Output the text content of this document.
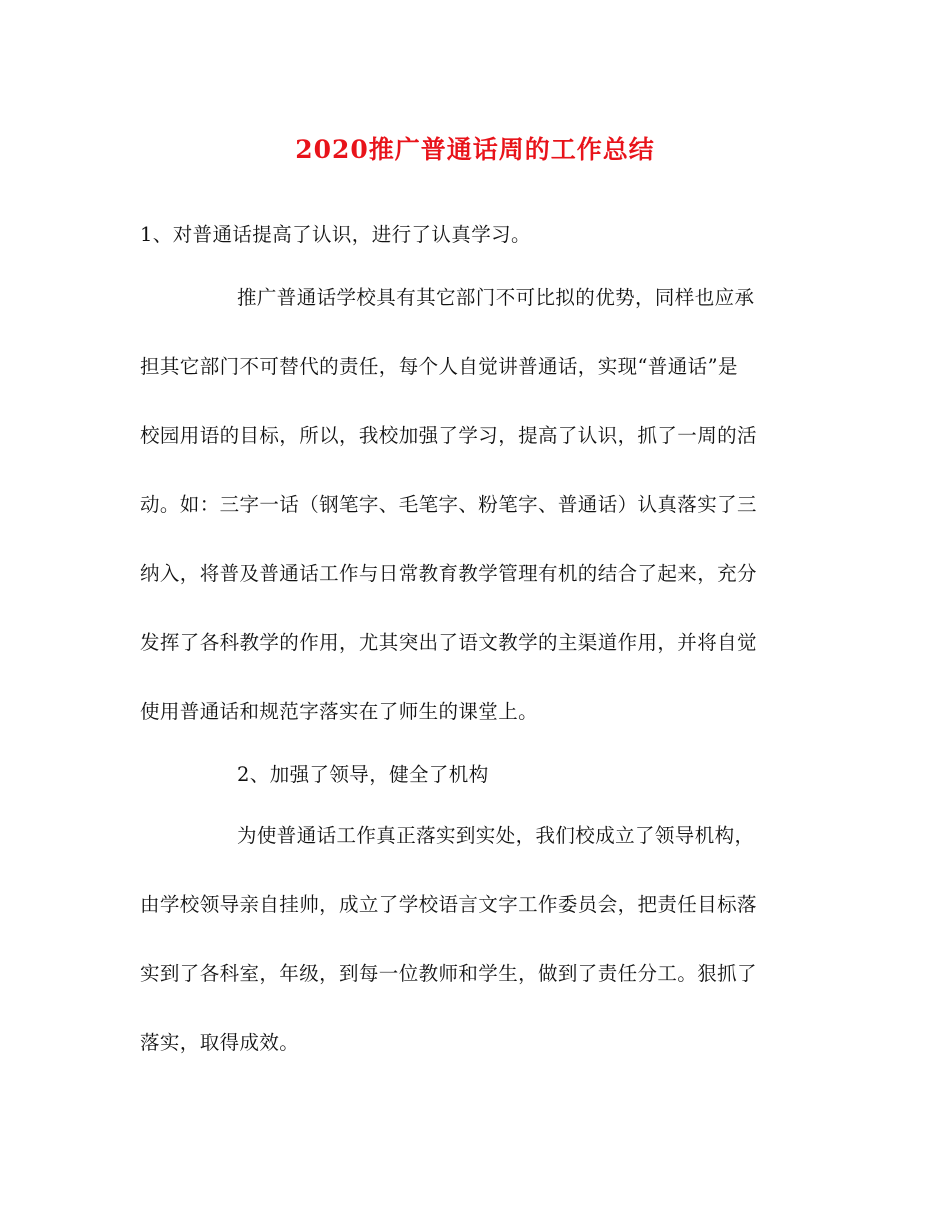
2020推广普通话周的工作总结
1、对普通话提高了认识，进行了认真学习。
推广普通话学校具有其它部门不可比拟的优势，同样也应承
担其它部门不可替代的责任，每个人自觉讲普通话，实现“普通话”是
校园用语的目标，所以，我校加强了学习，提高了认识，抓了一周的活
动。如：三字一话（钢笔字、毛笔字、粉笔字、普通话）认真落实了三
纳入，将普及普通话工作与日常教育教学管理有机的结合了起来，充分
发挥了各科教学的作用，尤其突出了语文教学的主渠道作用，并将自觉
使用普通话和规范字落实在了师生的课堂上。
2、加强了领导，健全了机构
为使普通话工作真正落实到实处，我们校成立了领导机构，
由学校领导亲自挂帅，成立了学校语言文字工作委员会，把责任目标落
实到了各科室，年级，到每一位教师和学生，做到了责任分工。狠抓了
落实，取得成效。
